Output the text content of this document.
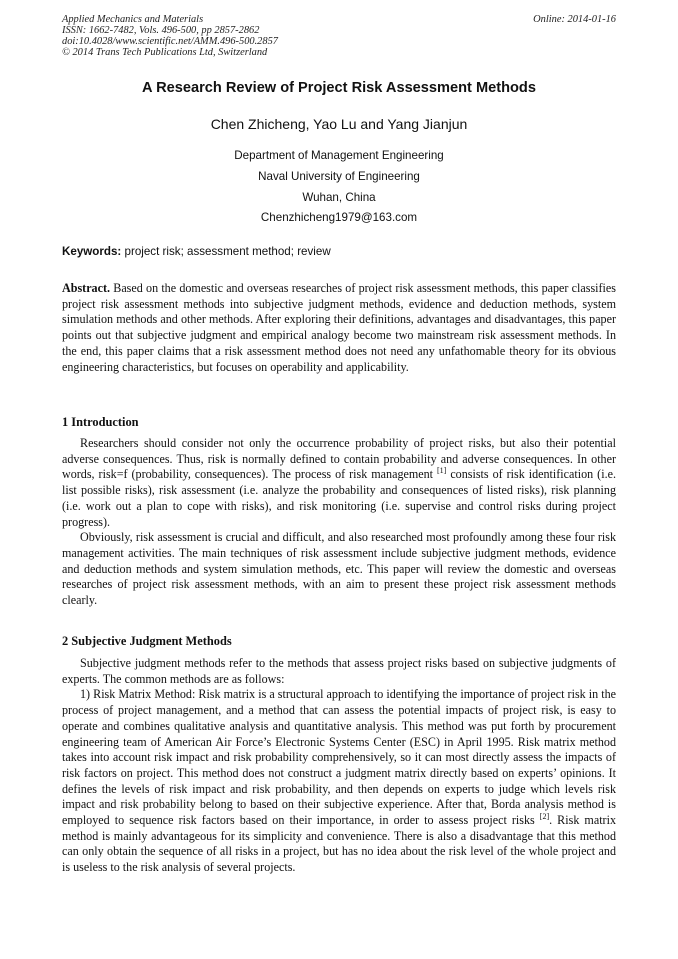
Applied Mechanics and Materials
ISSN: 1662-7482, Vols. 496-500, pp 2857-2862
doi:10.4028/www.scientific.net/AMM.496-500.2857
© 2014 Trans Tech Publications Ltd, Switzerland
Online: 2014-01-16
A Research Review of Project Risk Assessment Methods
Chen Zhicheng, Yao Lu and Yang Jianjun
Department of Management Engineering
Naval University of Engineering
Wuhan, China
Chenzhicheng1979@163.com
Keywords: project risk; assessment method; review

Abstract. Based on the domestic and overseas researches of project risk assessment methods, this paper classifies project risk assessment methods into subjective judgment methods, evidence and deduction methods, system simulation methods and other methods. After exploring their definitions, advantages and disadvantages, this paper points out that subjective judgment and empirical analogy become two mainstream risk assessment methods. In the end, this paper claims that a risk assessment method does not need any unfathomable theory for its obvious engineering characteristics, but focuses on operability and applicability.

1 Introduction

Researchers should consider not only the occurrence probability of project risks, but also their potential adverse consequences. Thus, risk is normally defined to contain probability and adverse consequences. In other words, risk=f (probability, consequences). The process of risk management [1] consists of risk identification (i.e. list possible risks), risk assessment (i.e. analyze the probability and consequences of listed risks), risk planning (i.e. work out a plan to cope with risks), and risk monitoring (i.e. supervise and control risks during project progress).

Obviously, risk assessment is crucial and difficult, and also researched most profoundly among these four risk management activities. The main techniques of risk assessment include subjective judgment methods, evidence and deduction methods and system simulation methods, etc. This paper will review the domestic and overseas researches of project risk assessment methods, with an aim to present these project risk assessment methods clearly.

2 Subjective Judgment Methods

Subjective judgment methods refer to the methods that assess project risks based on subjective judgments of experts. The common methods are as follows:

1) Risk Matrix Method: Risk matrix is a structural approach to identifying the importance of project risk in the process of project management, and a method that can assess the potential impacts of project risk, is easy to operate and combines qualitative analysis and quantitative analysis. This method was put forth by procurement engineering team of American Air Force’s Electronic Systems Center (ESC) in April 1995. Risk matrix method takes into account risk impact and risk probability comprehensively, so it can most directly assess the impacts of risk factors on project. This method does not construct a judgment matrix directly based on experts’ opinions. It defines the levels of risk impact and risk probability, and then depends on experts to judge which levels risk impact and risk probability belong to based on their subjective experience. After that, Borda analysis method is employed to sequence risk factors based on their importance, in order to assess project risks [2]. Risk matrix method is mainly advantageous for its simplicity and convenience. There is also a disadvantage that this method can only obtain the sequence of all risks in a project, but has no idea about the risk level of the whole project and is useless to the risk analysis of several projects.
